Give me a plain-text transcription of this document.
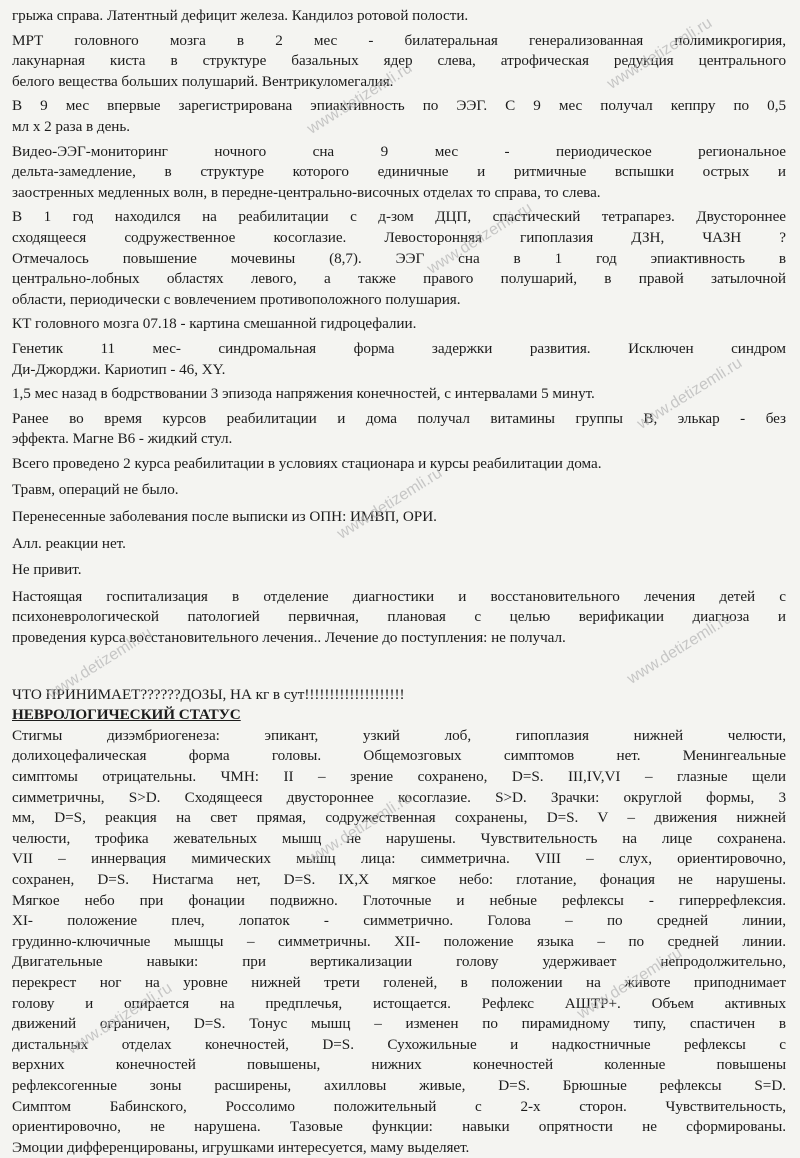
грыжа справа. Латентный дефицит железа. Кандилоз ротовой полости.
МРТ головного мозга в 2 мес - билатеральная генерализованная полимикрогирия,
лакунарная киста в структуре базальных ядер слева, атрофическая редукция центрального
белого вещества больших полушарий. Вентрикуломегалия.
В 9 мес впервые зарегистрирована эпиактивность по ЭЭГ. С 9 мес получал кеппру по 0,5
мл х 2 раза в день.
Видео-ЭЭГ-мониторинг ночного сна 9 мес - периодическое региональное
дельта-замедление, в структуре которого единичные и ритмичные вспышки острых и
заостренных медленных волн, в передне-центрально-височных отделах то справа, то слева.
В 1 год находился на реабилитации с д-зом ДЦП, спастический тетрапарез. Двустороннее
сходящееся содружественное косоглазие. Левосторонняя гипоплазия ДЗН, ЧАЗН ?
Отмечалось повышение мочевины (8,7). ЭЭГ сна в 1 год эпиактивность в
центрально-лобных областях левого, а также правого полушарий, в правой затылочной
области, периодически с вовлечением противоположного полушария.
КТ головного мозга 07.18 - картина смешанной гидроцефалии.
Генетик 11 мес- синдромальная форма задержки развития. Исключен синдром
Ди-Джорджи. Кариотип - 46, XY.
1,5 мес назад в бодрствовании 3 эпизода напряжения конечностей, с интервалами 5 минут.
Ранее во время курсов реабилитации и дома получал витамины группы В, элькар - без
эффекта. Магне В6 - жидкий стул.
Всего проведено 2 курса реабилитации в условиях стационара и курсы реабилитации дома.
Травм, операций не было.
Перенесенные заболевания после выписки из ОПН: ИМВП, ОРИ.
Алл. реакции нет.
Не привит.
Настоящая госпитализация в отделение диагностики и восстановительного лечения детей с
психоневрологической патологией первичная, плановая с целью верификации диагноза и
проведения курса восстановительного лечения.. Лечение до поступления: не получал.
ЧТО ПРИНИМАЕТ??????ДОЗЫ, НА кг в сут!!!!!!!!!!!!!!!!!!!!
НЕВРОЛОГИЧЕСКИЙ СТАТУС
Стигмы дизэмбриогенеза: эпикант, узкий лоб, гипоплазия нижней челюсти,
долихоцефалическая форма головы. Общемозговых симптомов нет. Менингеальные
симптомы отрицательны. ЧМН: II – зрение сохранено, D=S. III,IV,VI – глазные щели
симметричны, S>D. Сходящееся двустороннее косоглазие. S>D. Зрачки: округлой формы, 3
мм, D=S, реакция на свет прямая, содружественная сохранены, D=S. V – движения нижней
челюсти, трофика жевательных мышц не нарушены. Чувствительность на лице сохранена.
VII – иннервация мимических мышц лица: симметрична. VIII – слух, ориентировочно,
сохранен, D=S. Нистагма нет, D=S. IX,X мягкое небо: глотание, фонация не нарушены.
Мягкое небо при фонации подвижно. Глоточные и небные рефлексы - гиперрефлексия.
XI- положение плеч, лопаток - симметрично. Голова – по средней линии,
грудинно-ключичные мышцы – симметричны. XII- положение языка – по средней линии.
Двигательные навыки: при вертикализации голову удерживает непродолжительно,
перекрест ног на уровне нижней трети голеней, в положении на животе приподнимает
голову и опирается на предплечья, истощается. Рефлекс АШТР+. Объем активных
движений ограничен, D=S. Тонус мышц – изменен по пирамидному типу, спастичен в
дистальных отделах конечностей, D=S. Сухожильные и надкостничные рефлексы с
верхних конечностей повышены, нижних конечностей коленные повышены
рефлексогенные зоны расширены, ахилловы живые, D=S. Брюшные рефлексы S=D.
Симптом Бабинского, Россолимо положительный с 2-х сторон. Чувствительность,
ориентировочно, не нарушена. Тазовые функции: навыки опрятности не сформированы.
Эмоции дифференцированы, игрушками интересуется, маму выделяет.
www.detizemli.ru
www.detizemli.ru
www.detizemli.ru
www.detizemli.ru
www.detizemli.ru
www.detizemli.ru
www.detizemli.ru
www.detizemli.ru
www.detizemli.ru	www.detizemli.ru
